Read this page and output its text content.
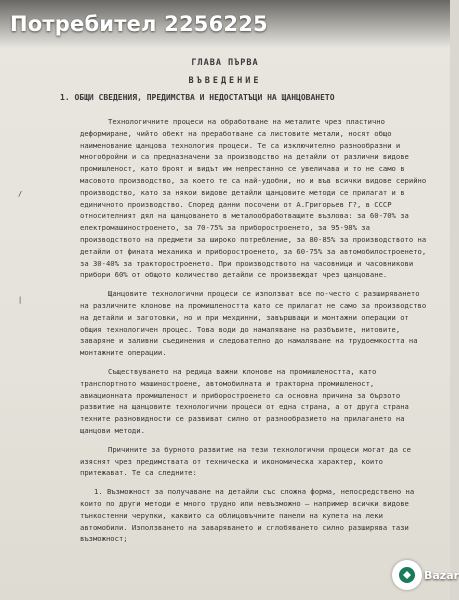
ГЛАВА ПЪРВА
ВЪВЕДЕНИЕ
1. ОБЩИ СВЕДЕНИЯ, ПРЕДИМСТВА И НЕДОСТАТЪЦИ НА ЩАНЦОВАНЕТО
/
|

Технологичните процеси на обработване на металите чрез пластично деформиране, чийто обект на преработване са листовите метали, носят общо наименование щанцова технология процеси. Те са изключително разнообразни и многобройни и са предназначени за производство на детайли от различни видове промишленост, като броят и видът им непрестанно се увеличава и то не само в масовото производство, за което те са най-удобни, но и във всички видове серийно производство, като за някои видове детайли щанцовите методи се прилагат и в единичното производство. Според данни посочени от А.Григорьев Г?, в СССР относителният дял на щанцоването в металообработващите възлова: за 60-70% за електромашиностроенето, за 70-75% за приборостроенето, за 95-98% за производството на предмети за широко потребление, за 80-85% за производството на детайли от фината механика и приборостроенето, за 60-75% за автомобилостроенето, за 30-40% за тракторостроенето. При производството на часовници и часовникови прибори 60% от общото количество детайли се произвеждат чрез щанцоване.

Щанцовите технологични процеси се използват все по-често с разширяването на различните клонове на промишлеността като се прилагат не само за производство на детайли и заготовки, но и при мехдинни, завършващи и монтажни операции от общия технологичен процес. Това води до намаляване на разбъвите, нитовите, заваряне и заливни съединения и следователно до намаляване на трудоемкостта на монтажните операции.

Съществуването на редица важни клонове на промишлеността, като транспортното машиностроене, автомобилната и тракторна промишленост, авиационната промишленост и приборостроенето са основна причина за бързото развитие на щанцовите технологични процеси от една страна, а от друга страна техните разновидности се развиват силно от разнообразието на прилагането на щанцови методи.

Причините за бурното развитие на тези технологични процеси могат да се изяснят чрез предимствата от техническа и икономическа характер, които притежават. Те са следните:

1. Възможност за получаване на детайли със сложна форма, непосредствено на които по други методи е много трудно или невъзможно – например всички видове тънкостенни черупки, каквито са облицовъчните панели на купета на леки автомобили. Използването на заваряването и сглобяването силно разширява тази възможност;

Потребител 2256225
Bazar
